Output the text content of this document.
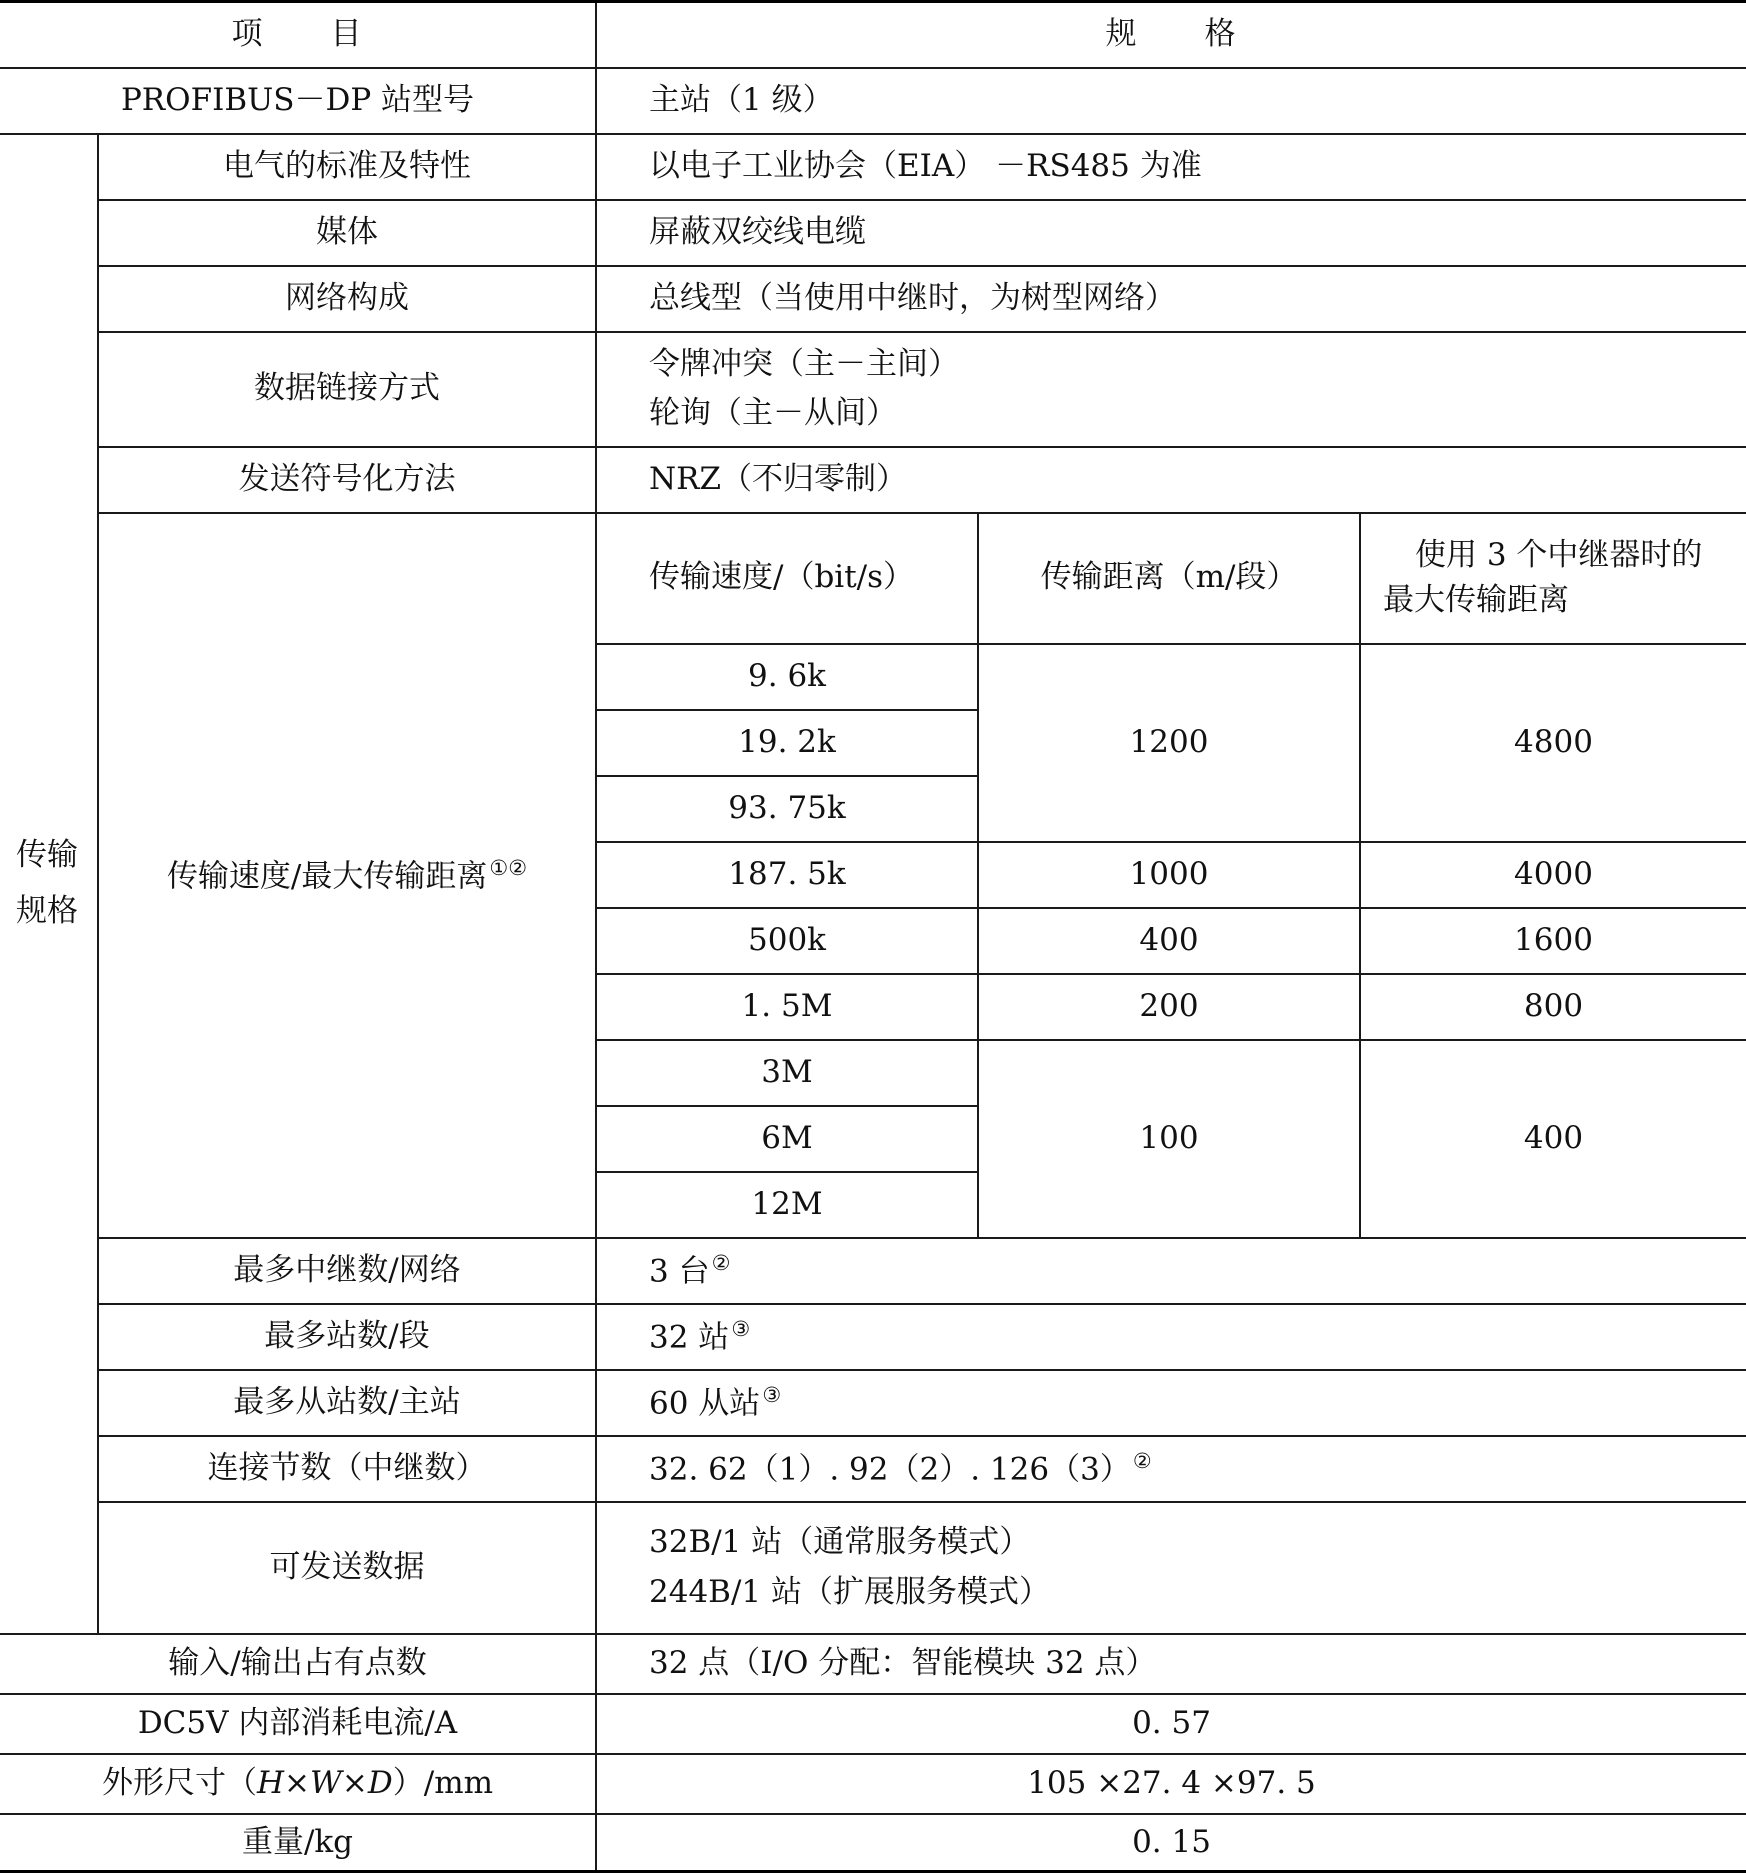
项　　目		规　　格		
PROFIBUS－DP 站型号		主站（1 级）		

传输
规格	电气的标准及特性	以电子工业协会（EIA） －RS485 为准		
	媒体	屏蔽双绞线电缆		
	网络构成	总线型（当使用中继时，为树型网络）		
	数据链接方式	令牌冲突（主－主间）
轮询（主－从间）		

	发送符号化方法	NRZ（不归零制）		
	传输速度/最大传输距离①②	传输速度/（bit/s）	传输距离（m/段）	使用 3 个中继器时的
最大传输距离

		9. 6k	1200	4800
		19. 2k		
		93. 75k		
		187. 5k	1000	4000
		500k	400	1600
		1. 5M	200	800
		3M	100	400
		6M		
		12M		
	最多中继数/网络	3 台②
	最多站数/段	32 站③
	最多从站数/主站	60 从站③
	连接节数（中继数）	32. 62（1）. 92（2）. 126（3）②
	可发送数据	32B/1 站（通常服务模式）
244B/1 站（扩展服务模式）		

输入/输出占有点数		32 点（I/O 分配：智能模块 32 点）		
DC5V 内部消耗电流/A		0. 57		
外形尺寸（H×W×D）/mm		105 ×27. 4 ×97. 5		
重量/kg		0. 15		
